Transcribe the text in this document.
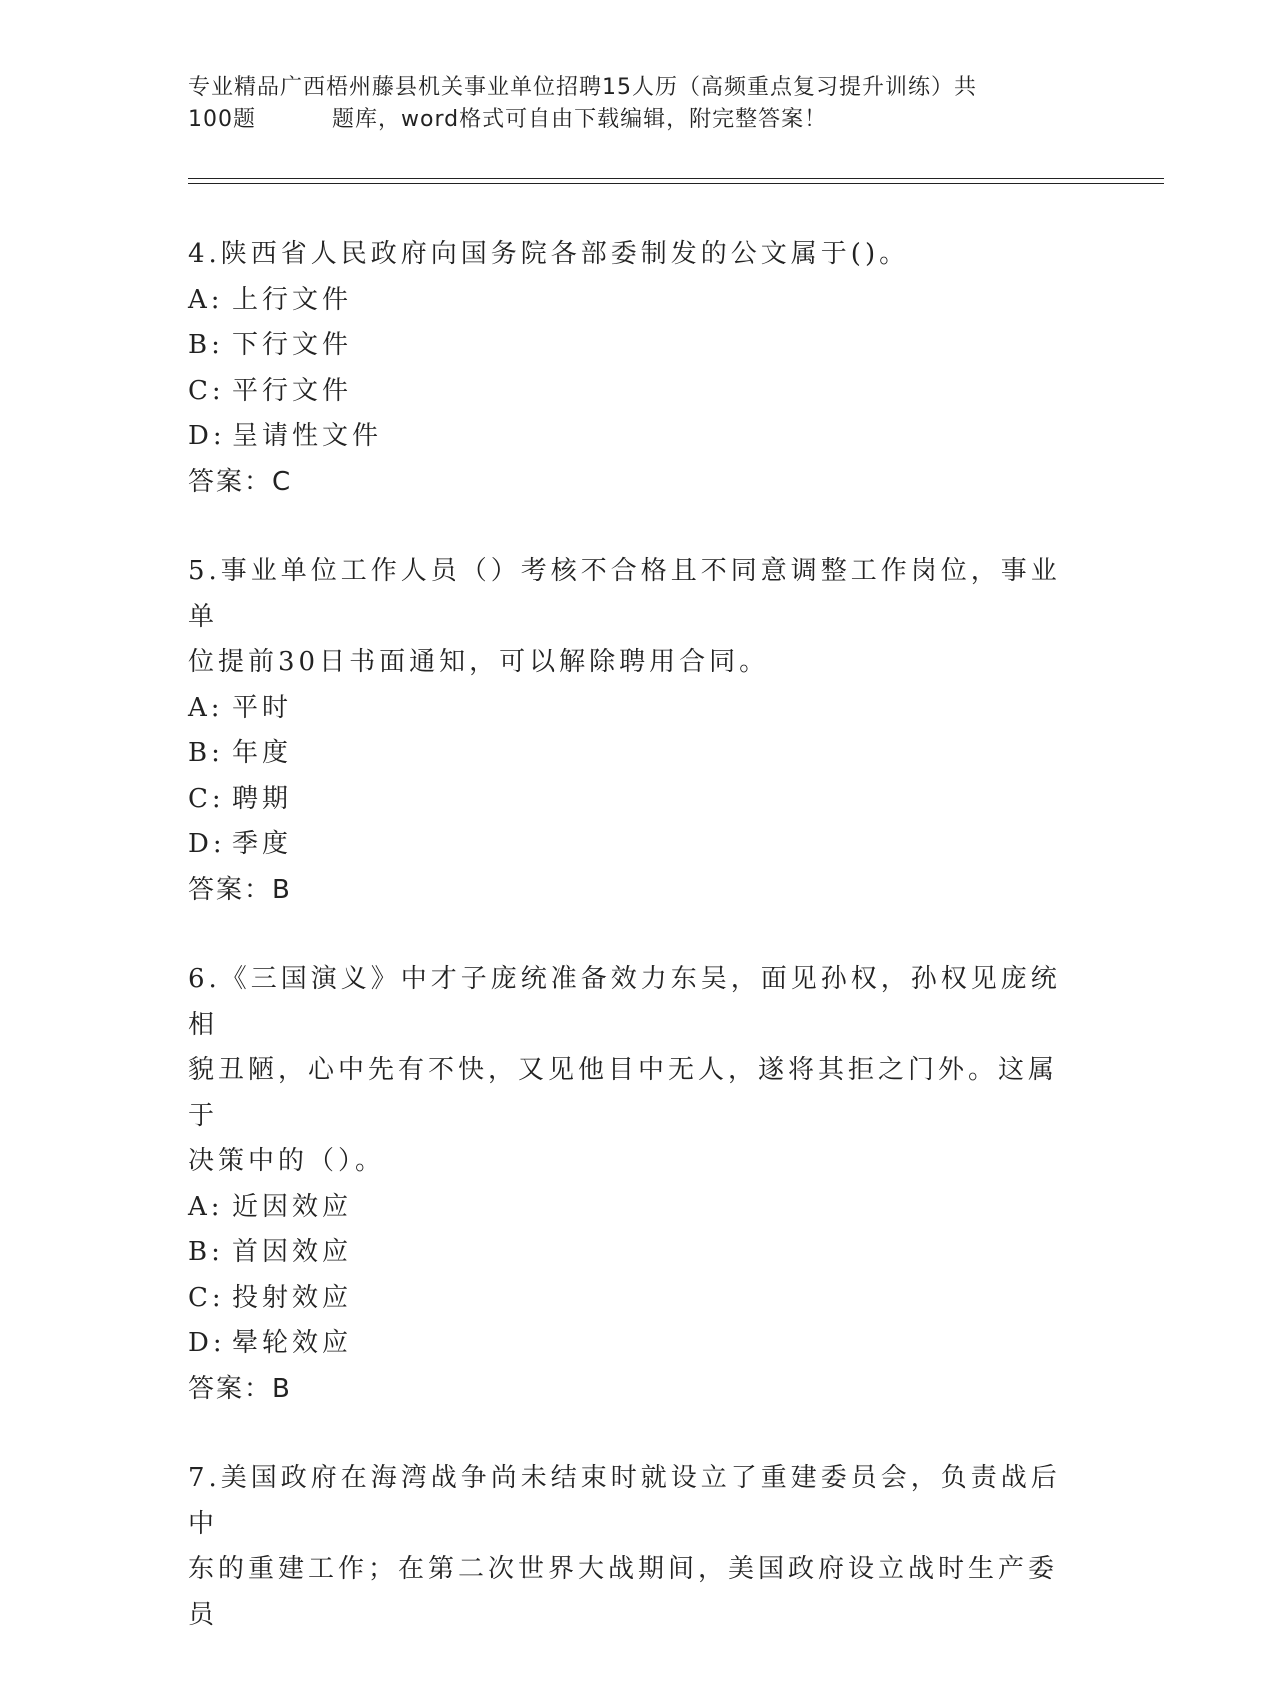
专业精品广西梧州藤县机关事业单位招聘15人历（高频重点复习提升训练）共
100题	题库，word格式可自由下载编辑，附完整答案！
4.陕西省人民政府向国务院各部委制发的公文属于()。
A: 上行文件
B: 下行文件
C: 平行文件
D: 呈请性文件
答案：C
5.事业单位工作人员（）考核不合格且不同意调整工作岗位，事业单
位提前30日书面通知，可以解除聘用合同。
A: 平时
B: 年度
C: 聘期
D: 季度
答案：B
6.《三国演义》中才子庞统准备效力东吴，面见孙权，孙权见庞统相
貌丑陋，心中先有不快，又见他目中无人，遂将其拒之门外。这属于
决策中的（）。
A: 近因效应
B: 首因效应
C: 投射效应
D: 晕轮效应
答案：B
7.美国政府在海湾战争尚未结束时就设立了重建委员会，负责战后中
东的重建工作；在第二次世界大战期间，美国政府设立战时生产委员
